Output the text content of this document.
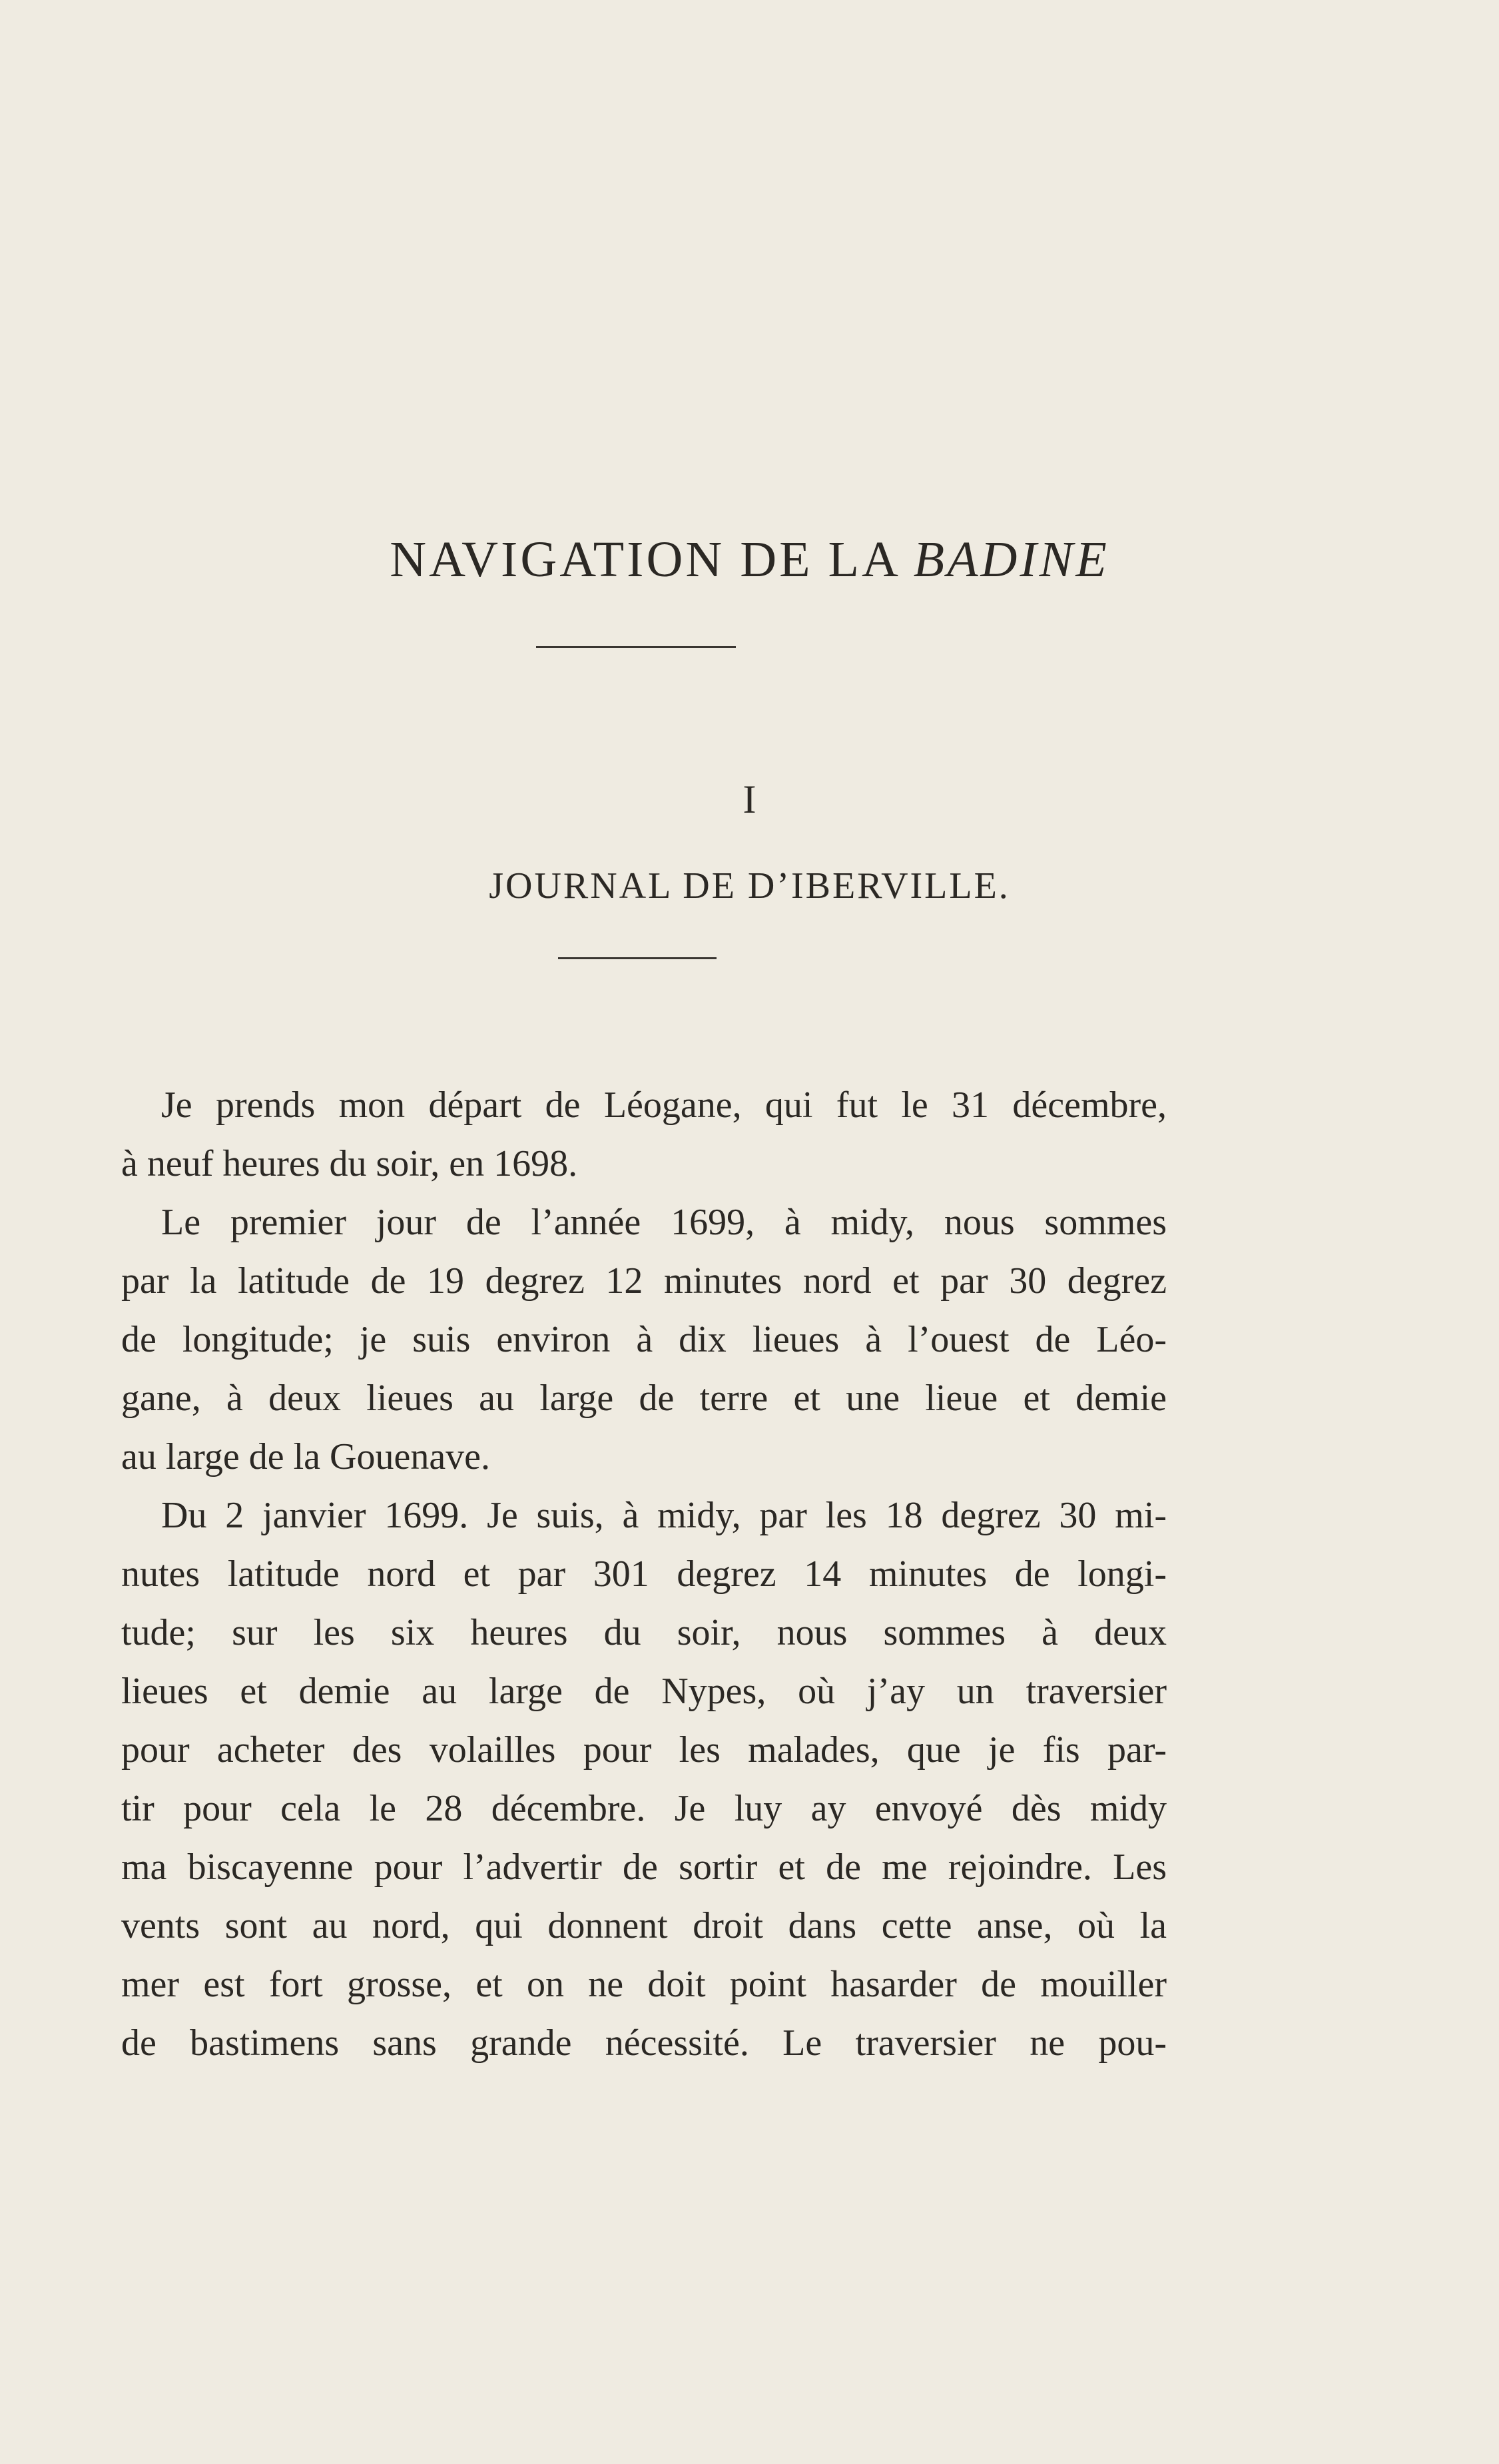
NAVIGATION DE LA BADINE
I
JOURNAL DE D’IBERVILLE.
Je prends mon départ de Léogane, qui fut le 31 décembre,
à neuf heures du soir, en 1698.
Le premier jour de l’année 1699, à midy, nous sommes
par la latitude de 19 degrez 12 minutes nord et par 30 degrez
de longitude; je suis environ à dix lieues à l’ouest de Léo-
gane, à deux lieues au large de terre et une lieue et demie
au large de la Gouenave.
Du 2 janvier 1699. Je suis, à midy, par les 18 degrez 30 mi-
nutes latitude nord et par 301 degrez 14 minutes de longi-
tude; sur les six heures du soir, nous sommes à deux
lieues et demie au large de Nypes, où j’ay un traversier
pour acheter des volailles pour les malades, que je fis par-
tir pour cela le 28 décembre. Je luy ay envoyé dès midy
ma biscayenne pour l’advertir de sortir et de me rejoindre. Les
vents sont au nord, qui donnent droit dans cette anse, où la
mer est fort grosse, et on ne doit point hasarder de mouiller
de bastimens sans grande nécessité. Le traversier ne pou-
